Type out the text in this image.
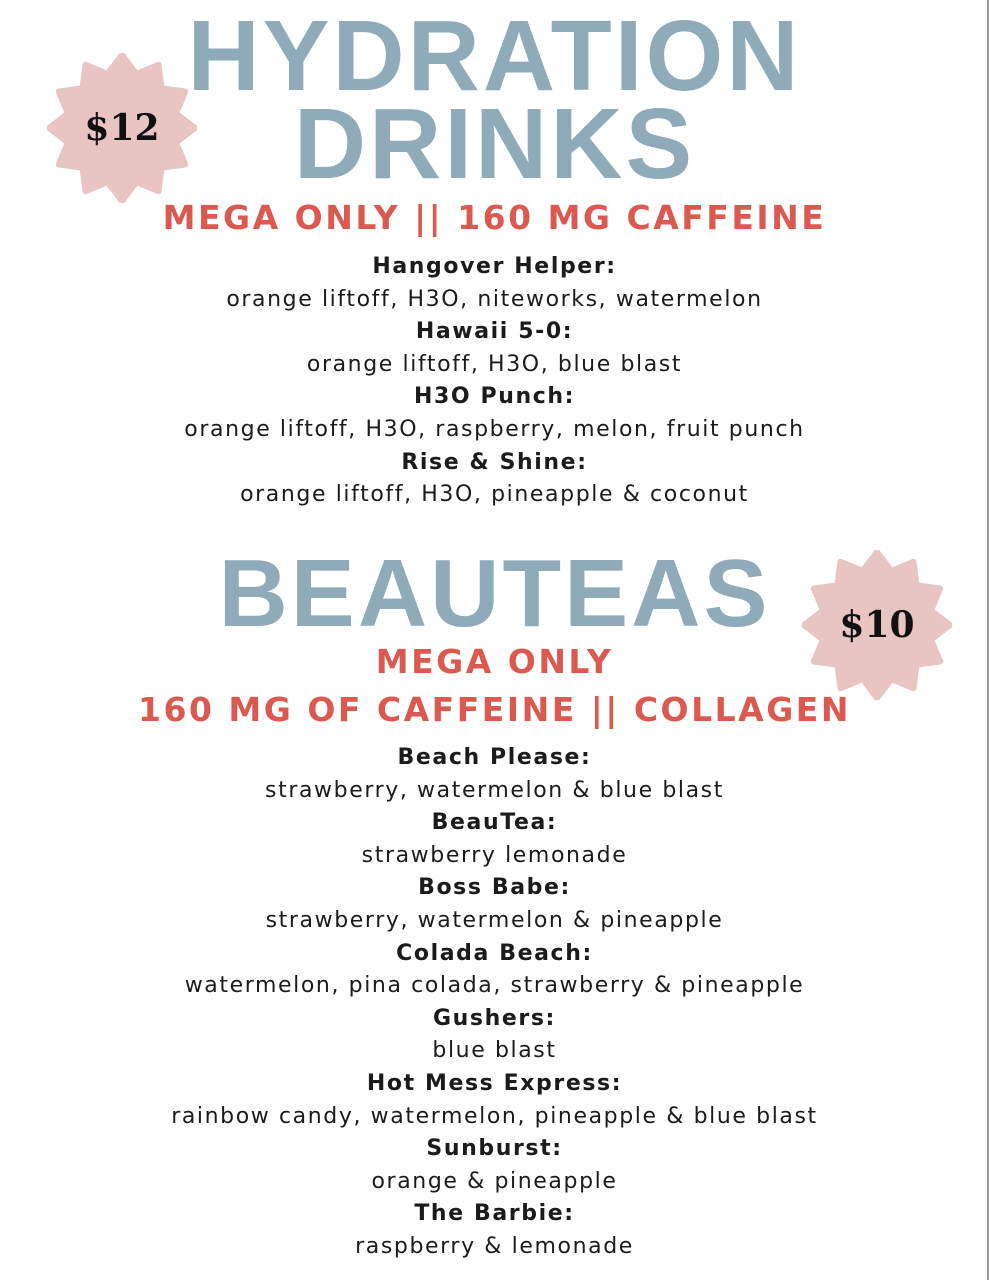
$12
HYDRATION
DRINKS
MEGA ONLY || 160 MG CAFFEINE
Hangover Helper:
orange liftoff, H3O, niteworks, watermelon
Hawaii 5-0:
orange liftoff, H3O, blue blast
H3O Punch:
orange liftoff, H3O, raspberry, melon, fruit punch
Rise & Shine:
orange liftoff, H3O, pineapple & coconut
BEAUTEAS	$10
MEGA ONLY
160 MG OF CAFFEINE || COLLAGEN
Beach Please:
strawberry, watermelon & blue blast
BeauTea:
strawberry lemonade
Boss Babe:
strawberry, watermelon & pineapple
Colada Beach:
watermelon, pina colada, strawberry & pineapple
Gushers:
blue blast
Hot Mess Express:
rainbow candy, watermelon, pineapple & blue blast
Sunburst:
orange & pineapple
The Barbie:
raspberry & lemonade
